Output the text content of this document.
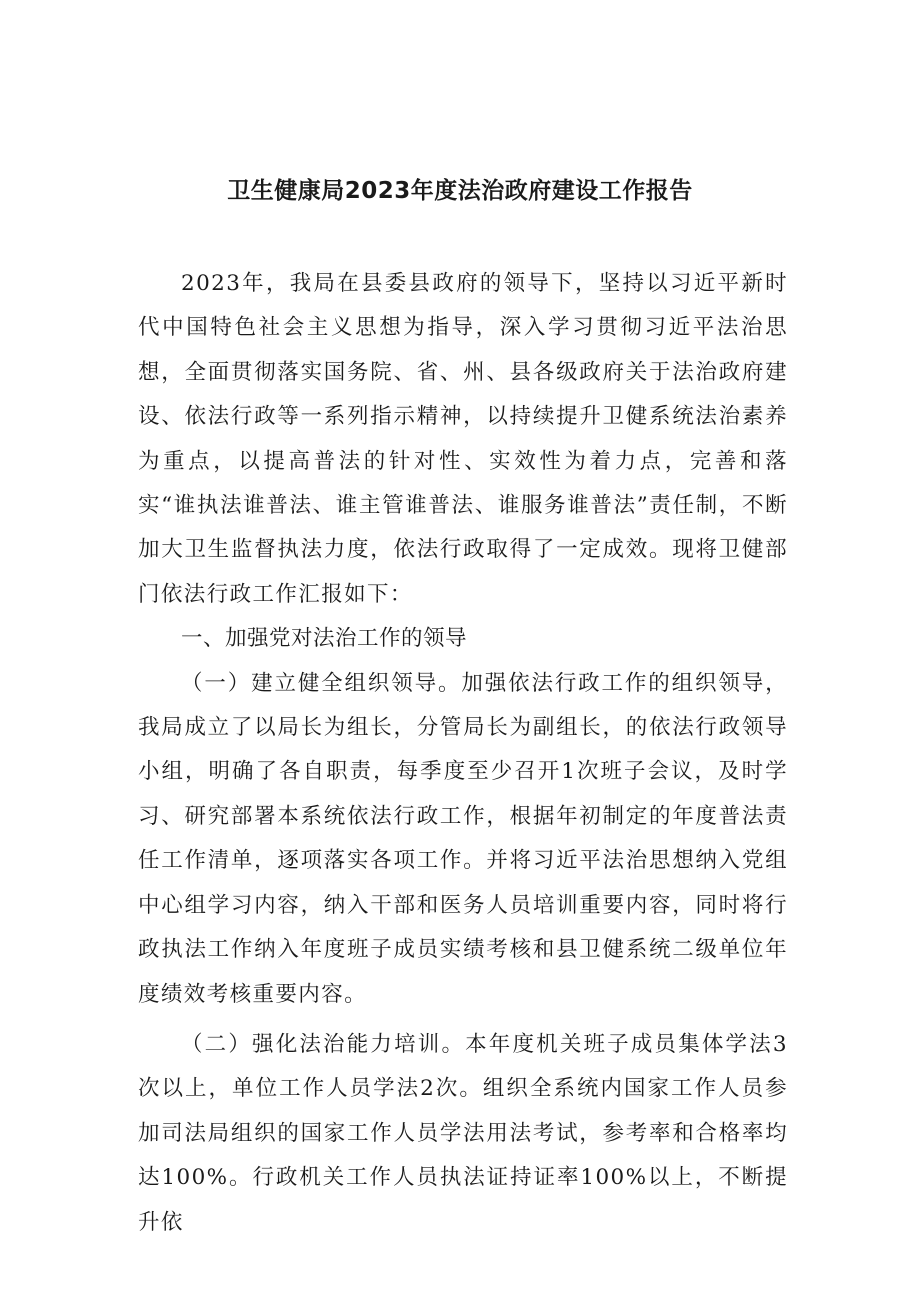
卫生健康局2023年度法治政府建设工作报告

2023年，我局在县委县政府的领导下，坚持以习近平新时代中国特色社会主义思想为指导，深入学习贯彻习近平法治思想，全面贯彻落实国务院、省、州、县各级政府关于法治政府建设、依法行政等一系列指示精神，以持续提升卫健系统法治素养为重点，以提高普法的针对性、实效性为着力点，完善和落实“谁执法谁普法、谁主管谁普法、谁服务谁普法”责任制，不断加大卫生监督执法力度，依法行政取得了一定成效。现将卫健部门依法行政工作汇报如下：

一、加强党对法治工作的领导

（一）建立健全组织领导。加强依法行政工作的组织领导，我局成立了以局长为组长，分管局长为副组长，的依法行政领导小组，明确了各自职责，每季度至少召开1次班子会议，及时学习、研究部署本系统依法行政工作，根据年初制定的年度普法责任工作清单，逐项落实各项工作。并将习近平法治思想纳入党组中心组学习内容，纳入干部和医务人员培训重要内容，同时将行政执法工作纳入年度班子成员实绩考核和县卫健系统二级单位年度绩效考核重要内容。

（二）强化法治能力培训。本年度机关班子成员集体学法3次以上，单位工作人员学法2次。组织全系统内国家工作人员参加司法局组织的国家工作人员学法用法考试，参考率和合格率均达100%。行政机关工作人员执法证持证率100%以上，不断提升依
